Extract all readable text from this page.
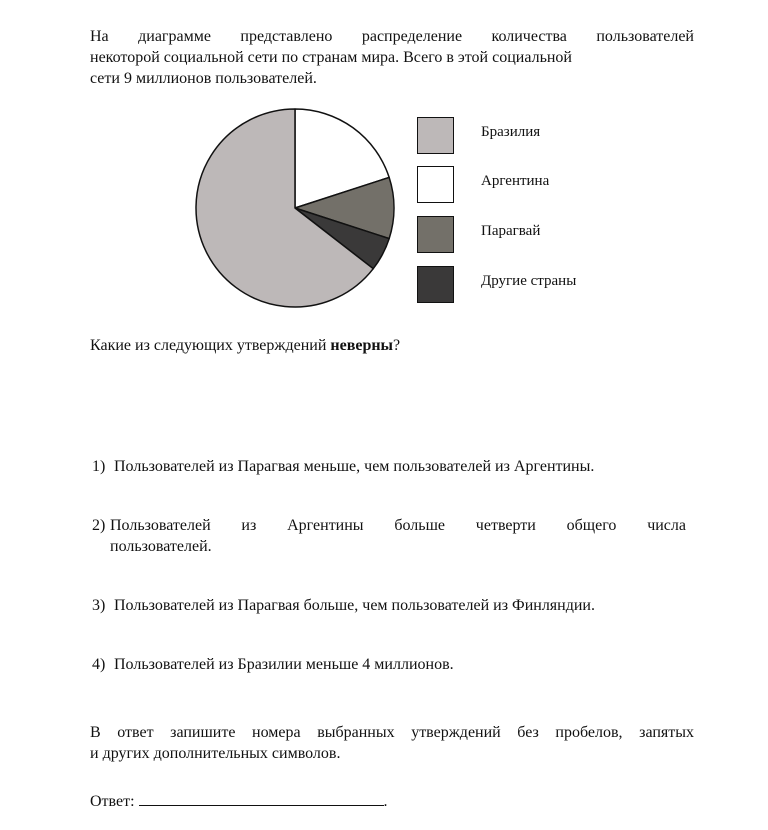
На диаграмме представлено распределение количества пользователей
некоторой социальной сети по странам мира. Всего в этой социальной
сети 9 миллионов пользователей.
Бразилия
Аргентина
Парагвай
Другие страны
Какие из следующих утверждений неверны?
1) Пользователей из Парагвая меньше, чем пользователей из Аргентины.
2) Пользователей из Аргентины больше четверти общего числа
пользователей.
3) Пользователей из Парагвая больше, чем пользователей из Финляндии.
4) Пользователей из Бразилии меньше 4 миллионов.
В ответ запишите номера выбранных утверждений без пробелов, запятых
и других дополнительных символов.
Ответ:	.
